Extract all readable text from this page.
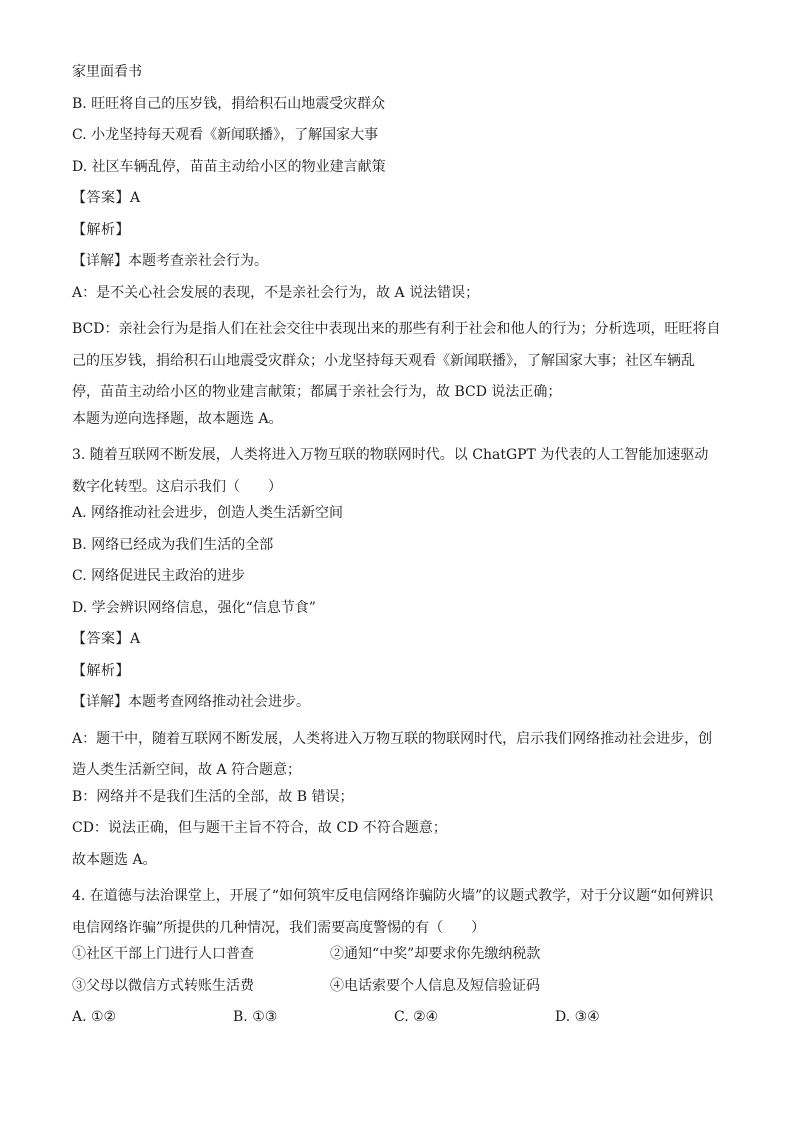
家里面看书
B. 旺旺将自己的压岁钱，捐给积石山地震受灾群众
C. 小龙坚持每天观看《新闻联播》，了解国家大事
D. 社区车辆乱停，苗苗主动给小区的物业建言献策
【答案】A
【解析】
【详解】本题考查亲社会行为。
A：是不关心社会发展的表现，不是亲社会行为，故 A 说法错误；
BCD：亲社会行为是指人们在社会交往中表现出来的那些有利于社会和他人的行为；分析选项，旺旺将自己的压岁钱，捐给积石山地震受灾群众；小龙坚持每天观看《新闻联播》，了解国家大事；社区车辆乱停，苗苗主动给小区的物业建言献策；都属于亲社会行为，故 BCD 说法正确；
本题为逆向选择题，故本题选 A。
3. 随着互联网不断发展，人类将进入万物互联的物联网时代。以 ChatGPT 为代表的人工智能加速驱动数字化转型。这启示我们（　　）
A. 网络推动社会进步，创造人类生活新空间
B. 网络已经成为我们生活的全部
C. 网络促进民主政治的进步
D. 学会辨识网络信息，强化“信息节食”
【答案】A
【解析】
【详解】本题考查网络推动社会进步。
A：题干中，随着互联网不断发展，人类将进入万物互联的物联网时代，启示我们网络推动社会进步，创造人类生活新空间，故 A 符合题意；
B：网络并不是我们生活的全部，故 B 错误；
CD：说法正确，但与题干主旨不符合，故 CD 不符合题意；
故本题选 A。
4. 在道德与法治课堂上，开展了“如何筑牢反电信网络诈骗防火墙”的议题式教学，对于分议题“如何辨识电信网络诈骗”所提供的几种情况，我们需要高度警惕的有（　　）
①社区干部上门进行人口普查	②通知“中奖”却要求你先缴纳税款
③父母以微信方式转账生活费	④电话索要个人信息及短信验证码
A. ①②	B. ①③	C. ②④	D. ③④
